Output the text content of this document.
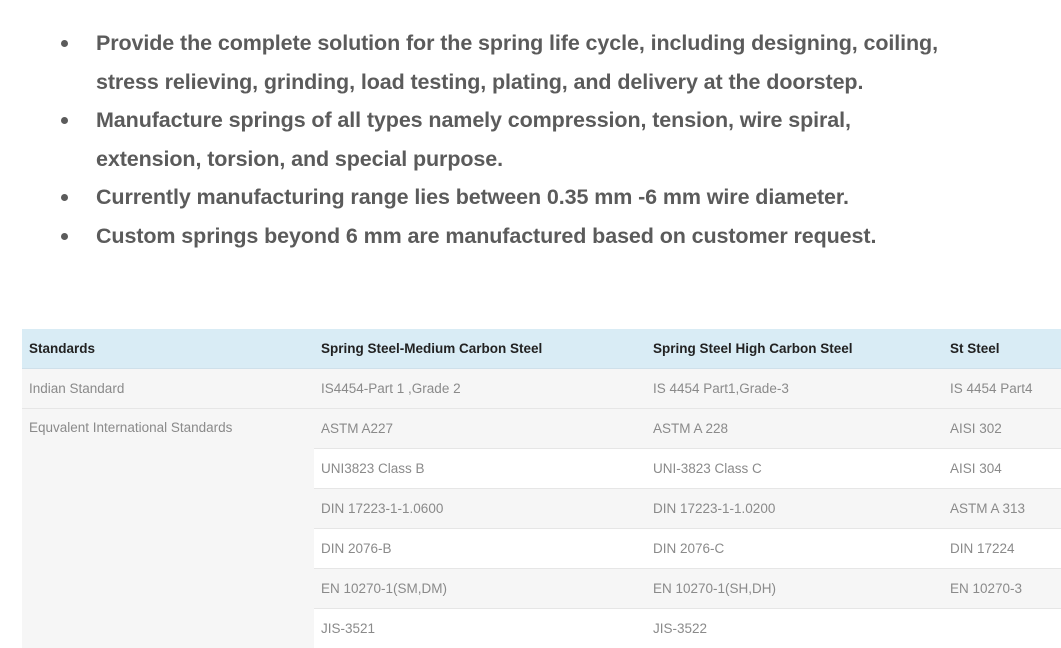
Provide the complete solution for the spring life cycle, including designing, coiling, stress relieving, grinding, load testing, plating, and delivery at the doorstep.
Manufacture springs of all types namely compression, tension, wire spiral, extension, torsion, and special purpose.
Currently manufacturing range lies between 0.35 mm -6 mm wire diameter.
Custom springs beyond 6 mm are manufactured based on customer request.
Standards	Spring Steel-Medium Carbon Steel	Spring Steel High Carbon Steel	St Steel
Indian Standard	IS4454-Part 1 ,Grade 2	IS 4454 Part1,Grade-3	IS 4454 Part4
Equvalent International Standards	ASTM A227	ASTM A 228	AISI 302
	UNI3823 Class B	UNI-3823 Class C	AISI 304
	DIN 17223-1-1.0600	DIN 17223-1-1.0200	ASTM A 313
	DIN 2076-B	DIN 2076-C	DIN 17224
	EN 10270-1(SM,DM)	EN 10270-1(SH,DH)	EN 10270-3
	JIS-3521	JIS-3522	
